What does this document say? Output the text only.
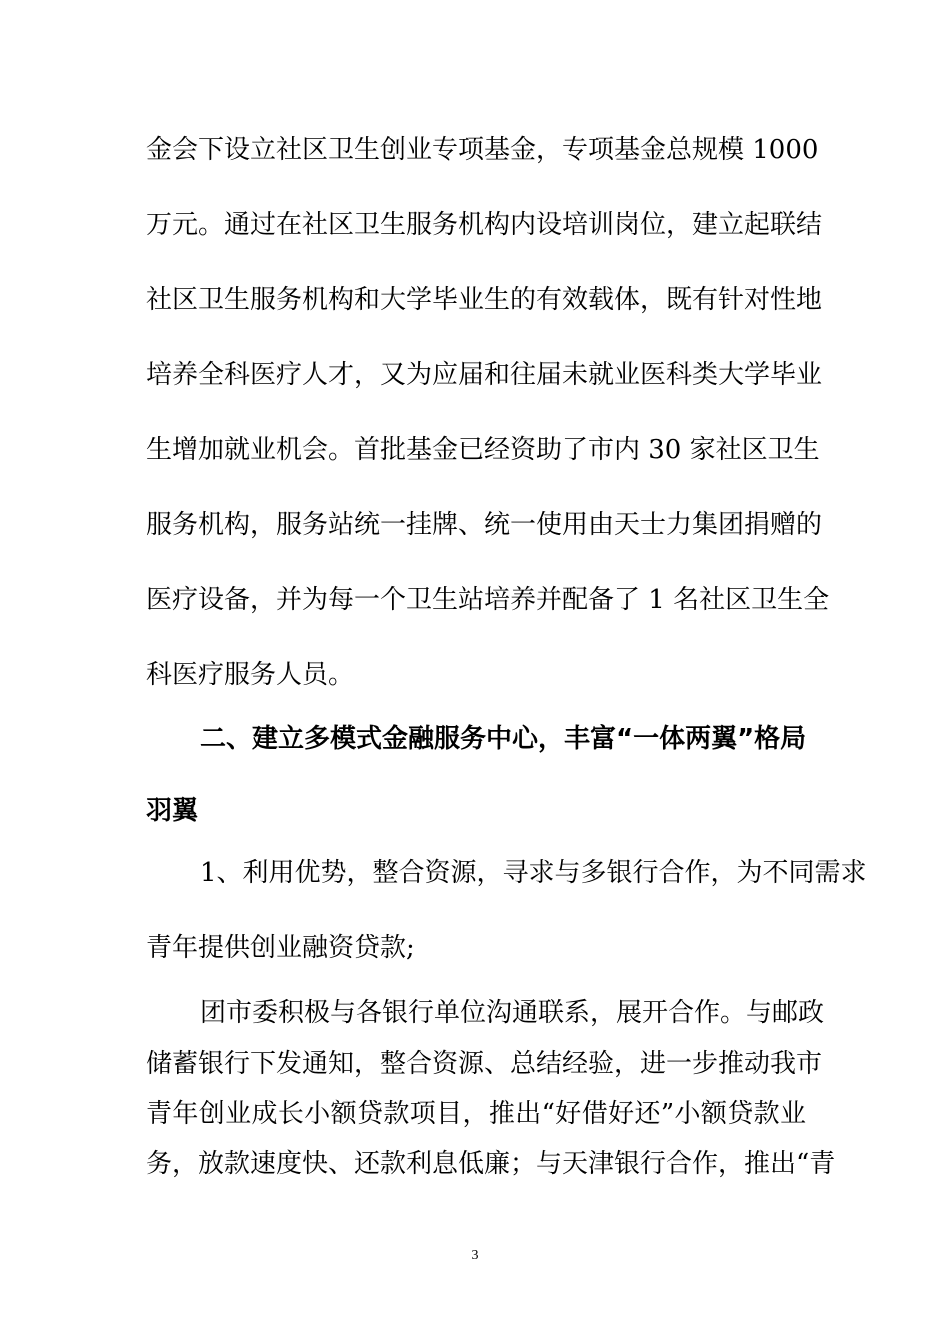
金会下设立社区卫生创业专项基金，专项基金总规模 1000
万元。通过在社区卫生服务机构内设培训岗位，建立起联结
社区卫生服务机构和大学毕业生的有效载体，既有针对性地
培养全科医疗人才，又为应届和往届未就业医科类大学毕业
生增加就业机会。首批基金已经资助了市内 30 家社区卫生
服务机构，服务站统一挂牌、统一使用由天士力集团捐赠的
医疗设备，并为每一个卫生站培养并配备了 1 名社区卫生全
科医疗服务人员。
二、建立多模式金融服务中心，丰富“一体两翼”格局
羽翼
1、利用优势，整合资源，寻求与多银行合作，为不同需求
青年提供创业融资贷款;
团市委积极与各银行单位沟通联系，展开合作。与邮政
储蓄银行下发通知，整合资源、总结经验，进一步推动我市
青年创业成长小额贷款项目，推出“好借好还”小额贷款业
务，放款速度快、还款利息低廉；与天津银行合作，推出“青
3
